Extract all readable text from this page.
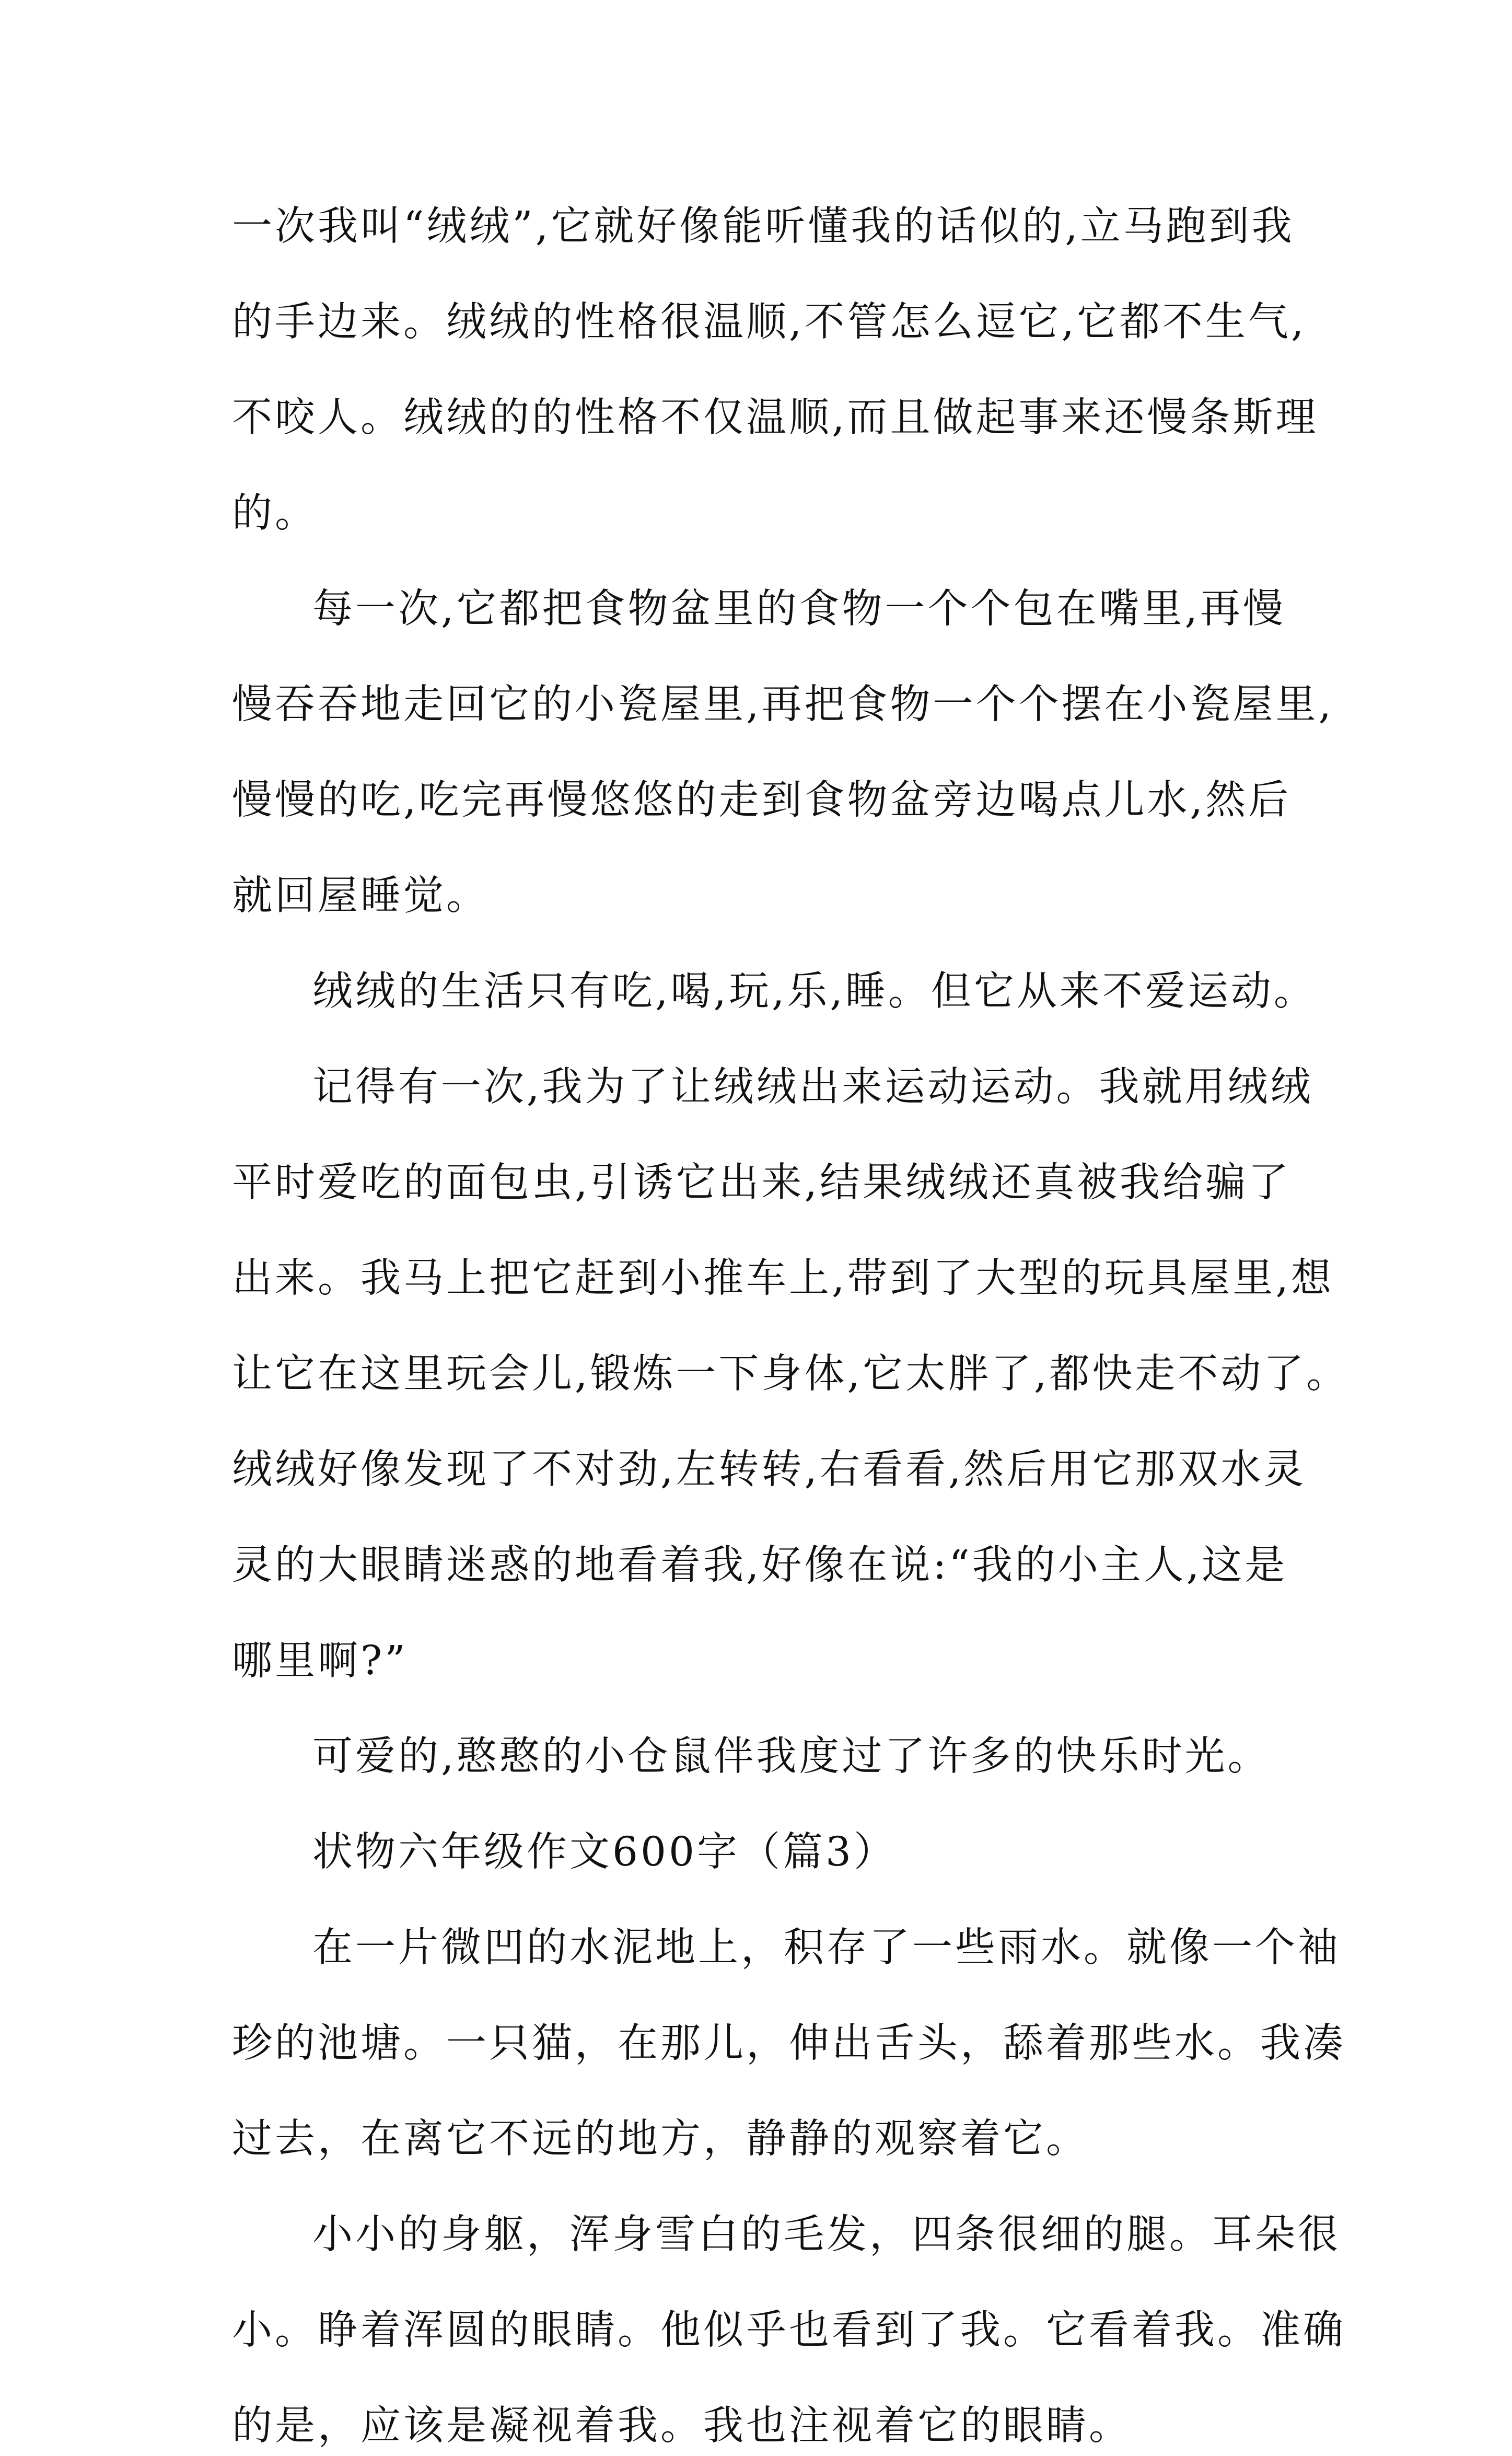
一次我叫“绒绒”,它就好像能听懂我的话似的,立马跑到我
的手边来。绒绒的性格很温顺,不管怎么逗它,它都不生气,
不咬人。绒绒的的性格不仅温顺,而且做起事来还慢条斯理
的。
每一次,它都把食物盆里的食物一个个包在嘴里,再慢
慢吞吞地走回它的小瓷屋里,再把食物一个个摆在小瓷屋里,
慢慢的吃,吃完再慢悠悠的走到食物盆旁边喝点儿水,然后
就回屋睡觉。
绒绒的生活只有吃,喝,玩,乐,睡。但它从来不爱运动。
记得有一次,我为了让绒绒出来运动运动。我就用绒绒
平时爱吃的面包虫,引诱它出来,结果绒绒还真被我给骗了
出来。我马上把它赶到小推车上,带到了大型的玩具屋里,想
让它在这里玩会儿,锻炼一下身体,它太胖了,都快走不动了。
绒绒好像发现了不对劲,左转转,右看看,然后用它那双水灵
灵的大眼睛迷惑的地看着我,好像在说:“我的小主人,这是
哪里啊?”
可爱的,憨憨的小仓鼠伴我度过了许多的快乐时光。
状物六年级作文600字（篇3）
在一片微凹的水泥地上，积存了一些雨水。就像一个袖
珍的池塘。一只猫，在那儿，伸出舌头，舔着那些水。我凑
过去，在离它不远的地方，静静的观察着它。
小小的身躯，浑身雪白的毛发，四条很细的腿。耳朵很
小。睁着浑圆的眼睛。他似乎也看到了我。它看着我。准确
的是，应该是凝视着我。我也注视着它的眼睛。
